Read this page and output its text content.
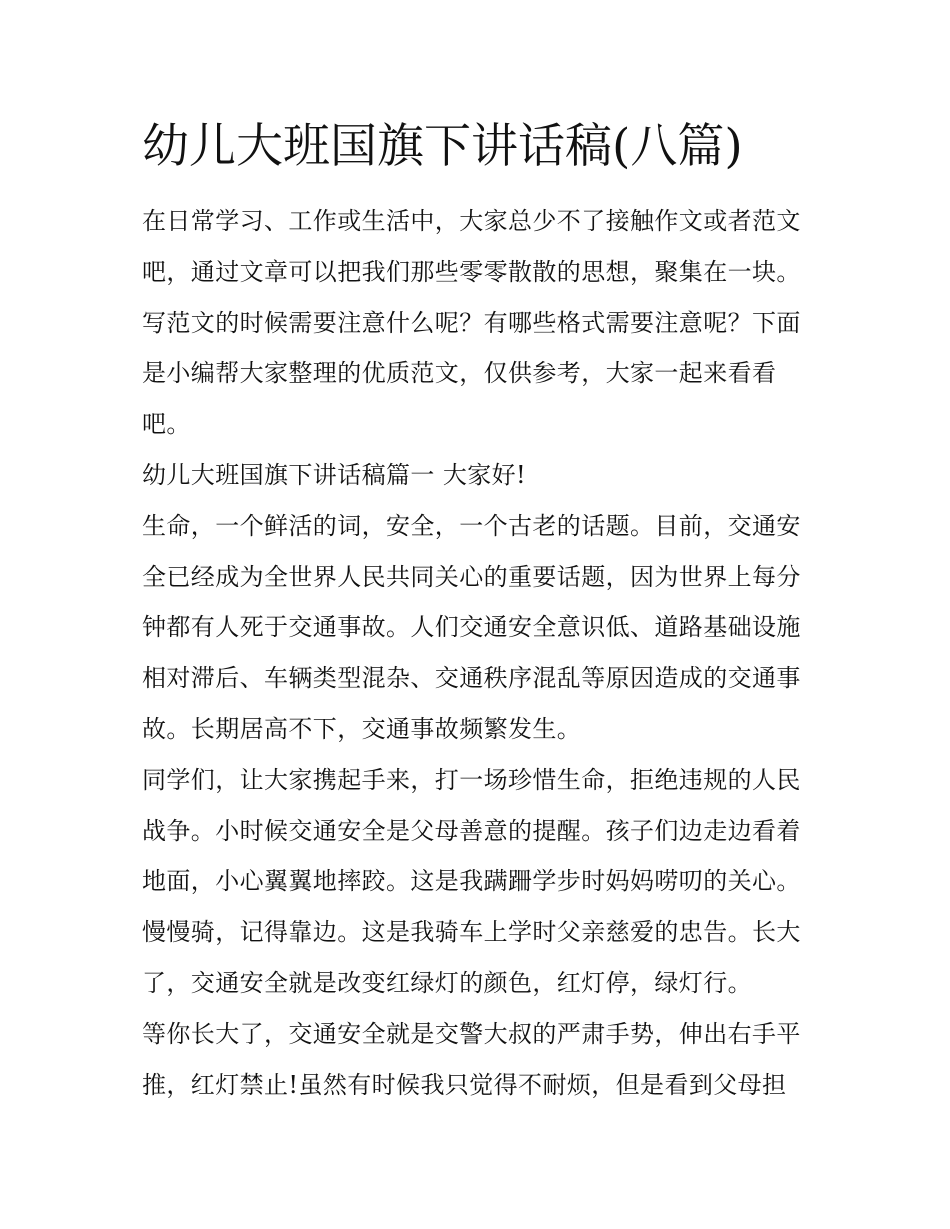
幼儿大班国旗下讲话稿(八篇)

在日常学习、工作或生活中，大家总少不了接触作文或者范文吧，通过文章可以把我们那些零零散散的思想，聚集在一块。写范文的时候需要注意什么呢？有哪些格式需要注意呢？下面是小编帮大家整理的优质范文，仅供参考，大家一起来看看吧。

幼儿大班国旗下讲话稿篇一 大家好!

生命，一个鲜活的词，安全，一个古老的话题。目前，交通安全已经成为全世界人民共同关心的重要话题，因为世界上每分钟都有人死于交通事故。人们交通安全意识低、道路基础设施相对滞后、车辆类型混杂、交通秩序混乱等原因造成的交通事故。长期居高不下，交通事故频繁发生。

同学们，让大家携起手来，打一场珍惜生命，拒绝违规的人民战争。小时候交通安全是父母善意的提醒。孩子们边走边看着地面，小心翼翼地摔跤。这是我蹒跚学步时妈妈唠叨的关心。慢慢骑，记得靠边。这是我骑车上学时父亲慈爱的忠告。长大了，交通安全就是改变红绿灯的颜色，红灯停，绿灯行。

等你长大了，交通安全就是交警大叔的严肃手势，伸出右手平推，红灯禁止!虽然有时候我只觉得不耐烦，但是看到父母担
